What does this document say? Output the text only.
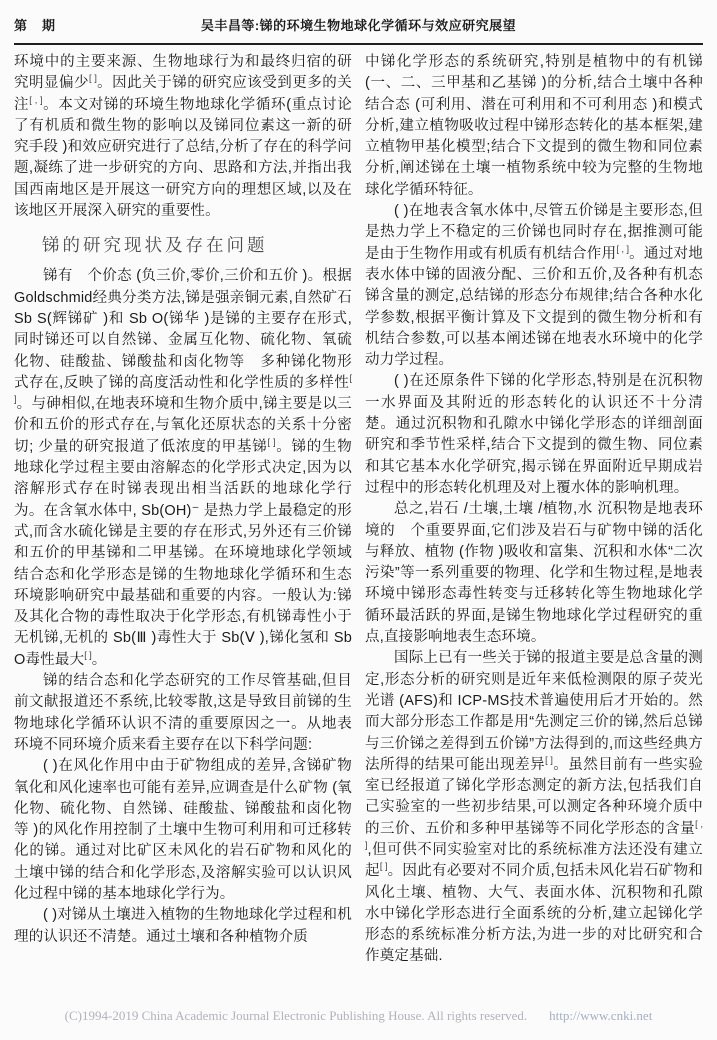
第　期	吴丰昌等:锑的环境生物地球化学循环与效应研究展望

环境中的主要来源、生物地球行为和最终归宿的研究明显偏少[ ]。因此关于锑的研究应该受到更多的关注[ , ]。本文对锑的环境生物地球化学循环(重点讨论了有机质和微生物的影响以及锑同位素这一新的研究手段 )和效应研究进行了总结,分析了存在的科学问题,凝练了进一步研究的方向、思路和方法,并指出我国西南地区是开展这一研究方向的理想区域,以及在该地区开展深入研究的重要性。

锑的研究现状及存在问题

锑有　个价态 (负三价,零价,三价和五价 )。根据 Goldschmid经典分类方法,锑是强亲铜元素,自然矿石 Sb S(辉锑矿 )和 Sb O(锑华 )是锑的主要存在形式,同时锑还可以自然锑、金属互化物、硫化物、氧硫化物、硅酸盐、锑酸盐和卤化物等　多种锑化物形式存在,反映了锑的高度活动性和化学性质的多样性[ ]。与砷相似,在地表环境和生物介质中,锑主要是以三价和五价的形式存在,与氧化还原状态的关系十分密切; 少量的研究报道了低浓度的甲基锑[ ]。锑的生物地球化学过程主要由溶解态的化学形式决定,因为以溶解形式存在时锑表现出相当活跃的地球化学行为。在含氧水体中, Sb(OH)⁻ 是热力学上最稳定的形式,而含水硫化锑是主要的存在形式,另外还有三价锑和五价的甲基锑和二甲基锑。在环境地球化学领域结合态和化学形态是锑的生物地球化学循环和生态环境影响研究中最基础和重要的内容。一般认为:锑及其化合物的毒性取决于化学形态,有机锑毒性小于无机锑,无机的 Sb(Ⅲ )毒性大于 Sb(Ⅴ ),锑化氢和 Sb O毒性最大[ ]。

锑的结合态和化学态研究的工作尽管基础,但目前文献报道还不系统,比较零散,这是导致目前锑的生物地球化学循环认识不清的重要原因之一。从地表环境不同环境介质来看主要存在以下科学问题:

( )在风化作用中由于矿物组成的差异,含锑矿物氧化和风化速率也可能有差异,应调查是什么矿物 (氧化物、硫化物、自然锑、硅酸盐、锑酸盐和卤化物等 )的风化作用控制了土壤中生物可利用和可迁移转化的锑。通过对比矿区未风化的岩石矿物和风化的土壤中锑的结合和化学形态,及溶解实验可以认识风化过程中锑的基本地球化学行为。

( )对锑从土壤进入植物的生物地球化学过程和机理的认识还不清楚。通过土壤和各种植物介质

中锑化学形态的系统研究,特别是植物中的有机锑(一、二、三甲基和乙基锑 )的分析,结合土壤中各种结合态 (可利用、潜在可利用和不可利用态 )和模式分析,建立植物吸收过程中锑形态转化的基本框架,建立植物甲基化模型;结合下文提到的微生物和同位素分析,阐述锑在土壤一植物系统中较为完整的生物地球化学循环特征。

( )在地表含氧水体中,尽管五价锑是主要形态,但是热力学上不稳定的三价锑也同时存在,据推测可能是由于生物作用或有机质有机结合作用[ , ]。通过对地表水体中锑的固液分配、三价和五价,及各种有机态锑含量的测定,总结锑的形态分布规律;结合各种水化学参数,根据平衡计算及下文提到的微生物分析和有机结合参数,可以基本阐述锑在地表水环境中的化学动力学过程。

( )在还原条件下锑的化学形态,特别是在沉积物一水界面及其附近的形态转化的认识还不十分清楚。通过沉积物和孔隙水中锑化学形态的详细剖面研究和季节性采样,结合下文提到的微生物、同位素和其它基本水化学研究,揭示锑在界面附近早期成岩过程中的形态转化机理及对上覆水体的影响机理。

总之,岩石 /土壤,土壤 /植物,水 沉积物是地表环境的　个重要界面,它们涉及岩石与矿物中锑的活化与释放、植物 (作物 )吸收和富集、沉积和水体“二次污染”等一系列重要的物理、化学和生物过程,是地表环境中锑形态毒性转变与迁移转化等生物地球化学循环最活跃的界面,是锑生物地球化学过程研究的重点,直接影响地表生态环境。

国际上已有一些关于锑的报道主要是总含量的测定,形态分析的研究则是近年来低检测限的原子荧光光谱 (AFS)和 ICP-MS技术普遍使用后才开始的。然而大部分形态工作都是用“先测定三价的锑,然后总锑与三价锑之差得到五价锑”方法得到的,而这些经典方法所得的结果可能出现差异[ ]。虽然目前有一些实验室已经报道了锑化学形态测定的新方法,包括我们自己实验室的一些初步结果,可以测定各种环境介质中的三价、五价和多种甲基锑等不同化学形态的含量[ , ],但可供不同实验室对比的系统标准方法还没有建立起[ ]。因此有必要对不同介质,包括未风化岩石矿物和风化土壤、植物、大气、表面水体、沉积物和孔隙水中锑化学形态进行全面系统的分析,建立起锑化学形态的系统标准分析方法,为进一步的对比研究和合作奠定基础.

(C)1994-2019 China Academic Journal Electronic Publishing House. All rights reserved. http://www.cnki.net
